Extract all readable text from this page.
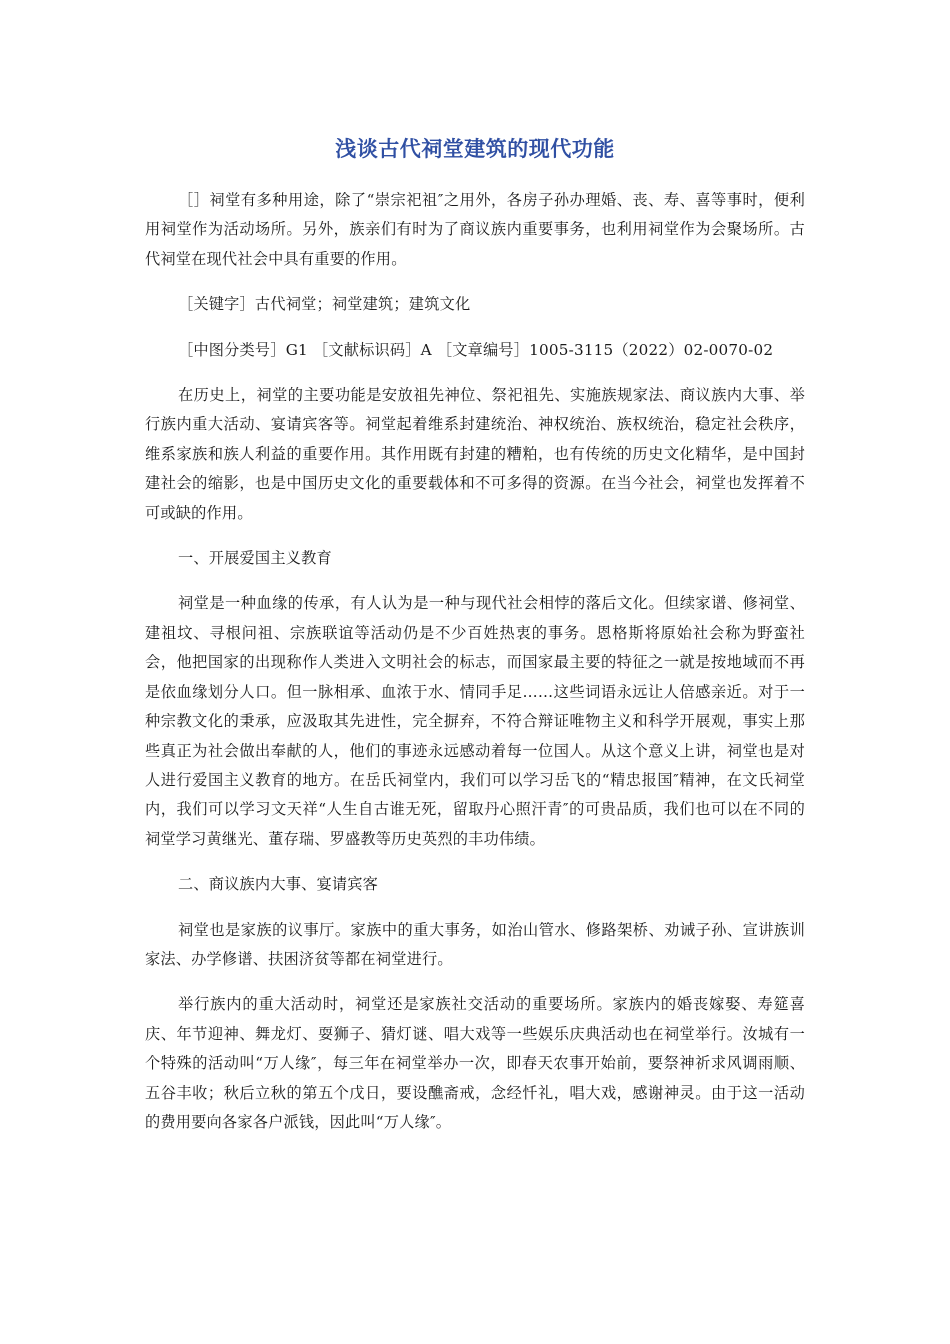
浅谈古代祠堂建筑的现代功能

［］祠堂有多种用途，除了“崇宗祀祖″之用外，各房子孙办理婚、丧、寿、喜等事时，便利用祠堂作为活动场所。另外，族亲们有时为了商议族内重要事务，也利用祠堂作为会聚场所。古代祠堂在现代社会中具有重要的作用。

［关键字］古代祠堂；祠堂建筑；建筑文化

［中图分类号］G1 ［文献标识码］A ［文章编号］1005-3115（2022）02-0070-02

在历史上，祠堂的主要功能是安放祖先神位、祭祀祖先、实施族规家法、商议族内大事、举行族内重大活动、宴请宾客等。祠堂起着维系封建统治、神权统治、族权统治，稳定社会秩序，维系家族和族人利益的重要作用。其作用既有封建的糟粕，也有传统的历史文化精华，是中国封建社会的缩影，也是中国历史文化的重要载体和不可多得的资源。在当今社会，祠堂也发挥着不可或缺的作用。

一、开展爱国主义教育

祠堂是一种血缘的传承，有人认为是一种与现代社会相悖的落后文化。但续家谱、修祠堂、建祖坟、寻根问祖、宗族联谊等活动仍是不少百姓热衷的事务。恩格斯将原始社会称为野蛮社会，他把国家的出现称作人类进入文明社会的标志，而国家最主要的特征之一就是按地域而不再是依血缘划分人口。但一脉相承、血浓于水、情同手足……这些词语永远让人倍感亲近。对于一种宗教文化的秉承，应汲取其先进性，完全摒弃，不符合辩证唯物主义和科学开展观，事实上那些真正为社会做出奉献的人，他们的事迹永远感动着每一位国人。从这个意义上讲，祠堂也是对人进行爱国主义教育的地方。在岳氏祠堂内，我们可以学习岳飞的“精忠报国″精神，在文氏祠堂内，我们可以学习文天祥“人生自古谁无死，留取丹心照汗青″的可贵品质，我们也可以在不同的祠堂学习黄继光、董存瑞、罗盛教等历史英烈的丰功伟绩。

二、商议族内大事、宴请宾客

祠堂也是家族的议事厅。家族中的重大事务，如治山管水、修路架桥、劝诫子孙、宣讲族训家法、办学修谱、扶困济贫等都在祠堂进行。

举行族内的重大活动时，祠堂还是家族社交活动的重要场所。家族内的婚丧嫁娶、寿筵喜庆、年节迎神、舞龙灯、耍狮子、猜灯谜、唱大戏等一些娱乐庆典活动也在祠堂举行。汝城有一个特殊的活动叫“万人缘″，每三年在祠堂举办一次，即春天农事开始前，要祭神祈求风调雨顺、五谷丰收；秋后立秋的第五个戊日，要设醮斋戒，念经忏礼，唱大戏，感谢神灵。由于这一活动的费用要向各家各户派钱，因此叫“万人缘″。
